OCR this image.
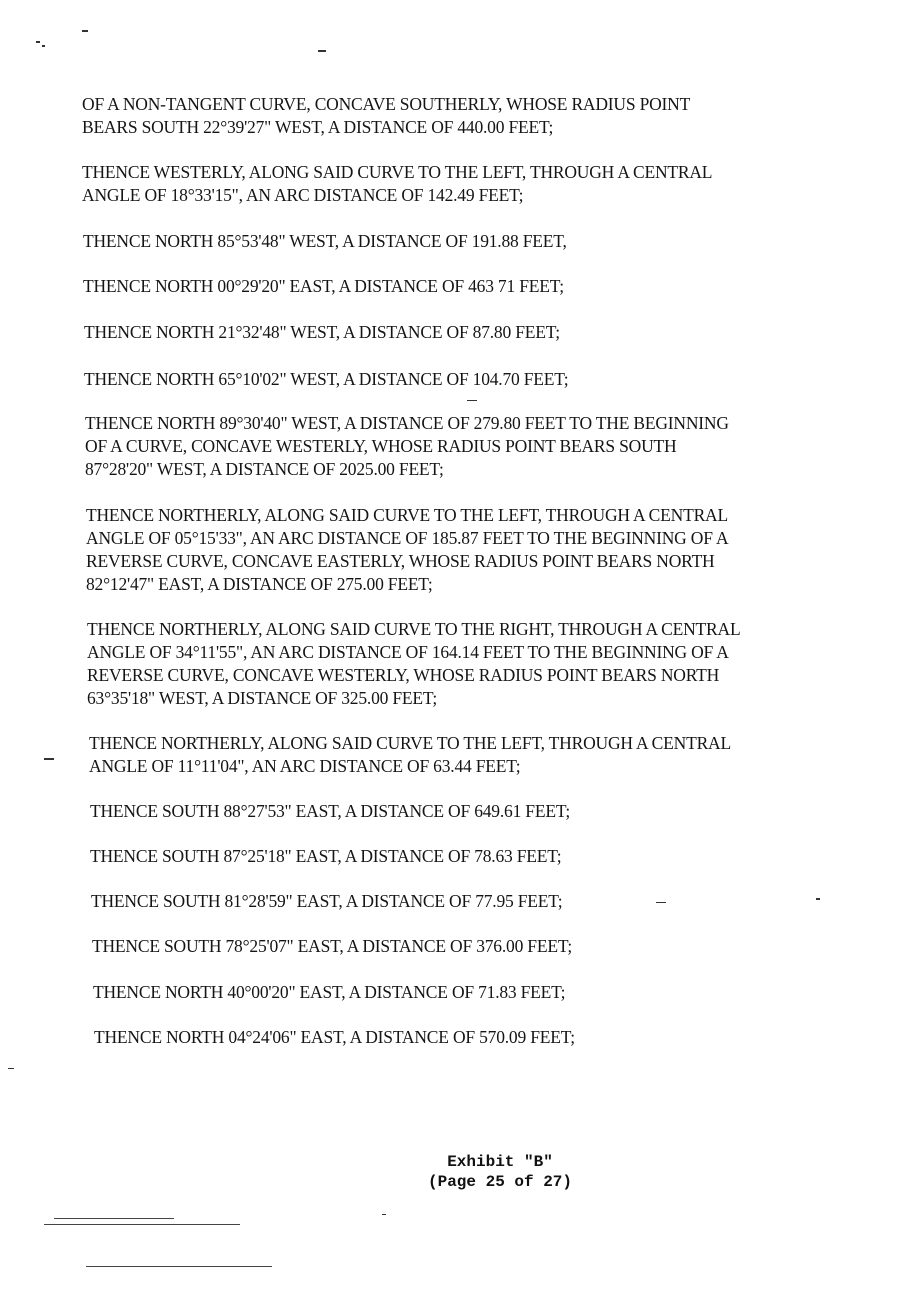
OF A NON-TANGENT CURVE, CONCAVE SOUTHERLY, WHOSE RADIUS POINT
BEARS SOUTH 22°39'27" WEST, A DISTANCE OF 440.00 FEET;
THENCE WESTERLY, ALONG SAID CURVE TO THE LEFT, THROUGH A CENTRAL
ANGLE OF 18°33'15", AN ARC DISTANCE OF 142.49 FEET;
THENCE NORTH 85°53'48" WEST, A DISTANCE OF 191.88 FEET,
THENCE NORTH 00°29'20" EAST, A DISTANCE OF 463 71 FEET;
THENCE NORTH 21°32'48" WEST, A DISTANCE OF 87.80 FEET;
THENCE NORTH 65°10'02" WEST, A DISTANCE OF 104.70 FEET;
THENCE NORTH 89°30'40" WEST, A DISTANCE OF 279.80 FEET TO THE BEGINNING
OF A CURVE, CONCAVE WESTERLY, WHOSE RADIUS POINT BEARS SOUTH
87°28'20" WEST, A DISTANCE OF 2025.00 FEET;
THENCE NORTHERLY, ALONG SAID CURVE TO THE LEFT, THROUGH A CENTRAL
ANGLE OF 05°15'33", AN ARC DISTANCE OF 185.87 FEET TO THE BEGINNING OF A
REVERSE CURVE, CONCAVE EASTERLY, WHOSE RADIUS POINT BEARS NORTH
82°12'47" EAST, A DISTANCE OF 275.00 FEET;
THENCE NORTHERLY, ALONG SAID CURVE TO THE RIGHT, THROUGH A CENTRAL
ANGLE OF 34°11'55", AN ARC DISTANCE OF 164.14 FEET TO THE BEGINNING OF A
REVERSE CURVE, CONCAVE WESTERLY, WHOSE RADIUS POINT BEARS NORTH
63°35'18" WEST, A DISTANCE OF 325.00 FEET;
THENCE NORTHERLY, ALONG SAID CURVE TO THE LEFT, THROUGH A CENTRAL
ANGLE OF 11°11'04", AN ARC DISTANCE OF 63.44 FEET;
THENCE SOUTH 88°27'53" EAST, A DISTANCE OF 649.61 FEET;
THENCE SOUTH 87°25'18" EAST, A DISTANCE OF 78.63 FEET;
THENCE SOUTH 81°28'59" EAST, A DISTANCE OF 77.95 FEET;
THENCE SOUTH 78°25'07" EAST, A DISTANCE OF 376.00 FEET;
THENCE NORTH 40°00'20" EAST, A DISTANCE OF 71.83 FEET;
THENCE NORTH 04°24'06" EAST, A DISTANCE OF 570.09 FEET;
Exhibit "B"
(Page 25 of 27)
